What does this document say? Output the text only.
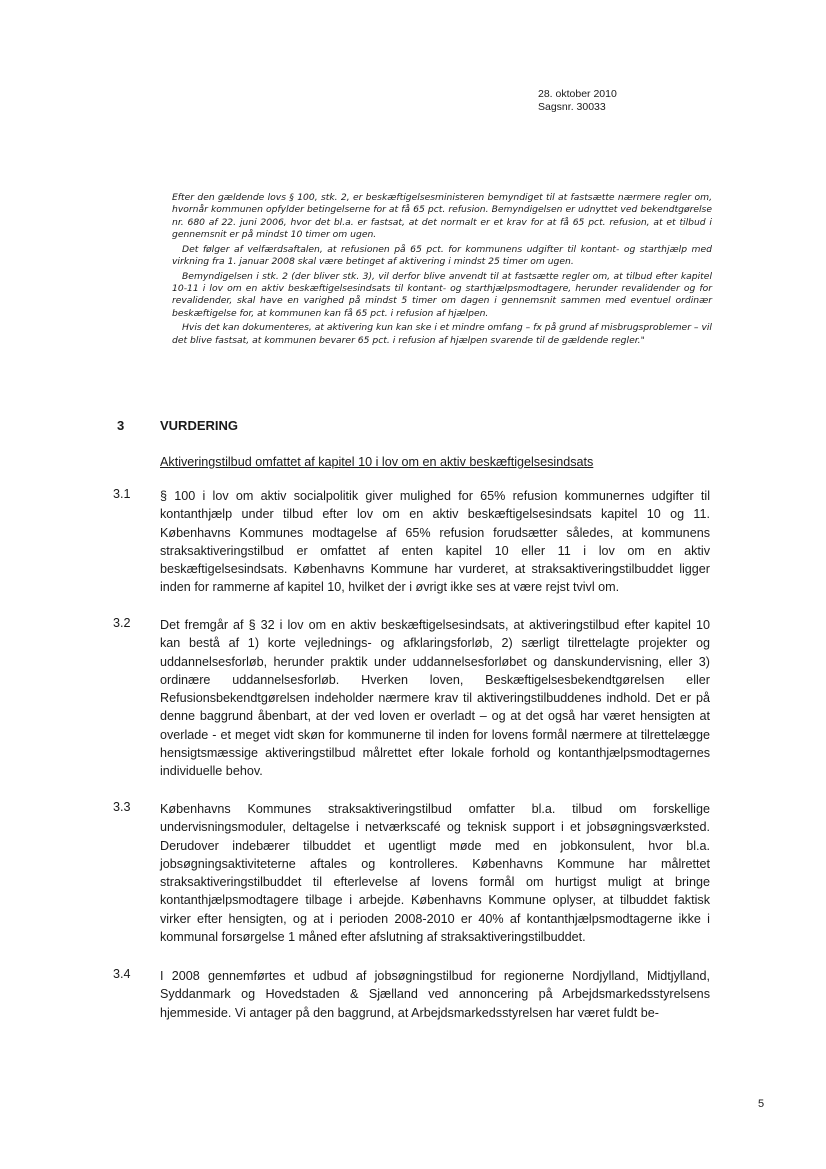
28. oktober 2010
Sagsnr. 30033

Efter den gældende lovs § 100, stk. 2, er beskæftigelsesministeren bemyndiget til at fastsætte nærmere regler om, hvornår kommunen opfylder betingelserne for at få 65 pct. refusion. Bemyndigelsen er udnyttet ved bekendtgørelse nr. 680 af 22. juni 2006, hvor det bl.a. er fastsat, at det normalt er et krav for at få 65 pct. refusion, at et tilbud i gennemsnit er på mindst 10 timer om ugen.

Det følger af velfærdsaftalen, at refusionen på 65 pct. for kommunens udgifter til kontant- og starthjælp med virkning fra 1. januar 2008 skal være betinget af aktivering i mindst 25 timer om ugen.

Bemyndigelsen i stk. 2 (der bliver stk. 3), vil derfor blive anvendt til at fastsætte regler om, at tilbud efter kapitel 10-11 i lov om en aktiv beskæftigelsesindsats til kontant- og starthjælpsmodtagere, herunder revalidender og for revalidender, skal have en varighed på mindst 5 timer om dagen i gennemsnit sammen med eventuel ordinær beskæftigelse for, at kommunen kan få 65 pct. i refusion af hjælpen.

Hvis det kan dokumenteres, at aktivering kun kan ske i et mindre omfang – fx på grund af misbrugsproblemer – vil det blive fastsat, at kommunen bevarer 65 pct. i refusion af hjælpen svarende til de gældende regler."

3	VURDERING
Aktiveringstilbud omfattet af kapitel 10 i lov om en aktiv beskæftigelsesindsats
3.1 § 100 i lov om aktiv socialpolitik giver mulighed for 65% refusion kommunernes udgifter til kontanthjælp under tilbud efter lov om en aktiv beskæftigelsesindsats kapitel 10 og 11. Københavns Kommunes modtagelse af 65% refusion forudsætter således, at kommunens straksaktiveringstilbud er omfattet af enten kapitel 10 eller 11 i lov om en aktiv beskæftigelsesindsats. Københavns Kommune har vurderet, at straksaktiveringstilbuddet ligger inden for rammerne af kapitel 10, hvilket der i øvrigt ikke ses at være rejst tvivl om.

3.2 Det fremgår af § 32 i lov om en aktiv beskæftigelsesindsats, at aktiveringstilbud efter kapitel 10 kan bestå af 1) korte vejlednings- og afklaringsforløb, 2) særligt tilrettelagte projekter og uddannelsesforløb, herunder praktik under uddannelsesforløbet og danskundervisning, eller 3) ordinære uddannelsesforløb. Hverken loven, Beskæftigelsesbekendtgørelsen eller Refusionsbekendtgørelsen indeholder nærmere krav til aktiveringstilbuddenes indhold. Det er på denne baggrund åbenbart, at der ved loven er overladt – og at det også har været hensigten at overlade - et meget vidt skøn for kommunerne til inden for lovens formål nærmere at tilrettelægge hensigtsmæssige aktiveringstilbud målrettet efter lokale forhold og kontanthjælpsmodtagernes individuelle behov.

3.3 Københavns Kommunes straksaktiveringstilbud omfatter bl.a. tilbud om forskellige undervisningsmoduler, deltagelse i netværkscafé og teknisk support i et jobsøgningsværksted. Derudover indebærer tilbuddet et ugentligt møde med en jobkonsulent, hvor bl.a. jobsøgningsaktiviteterne aftales og kontrolleres. Københavns Kommune har målrettet straksaktiveringstilbuddet til efterlevelse af lovens formål om hurtigst muligt at bringe kontanthjælpsmodtagere tilbage i arbejde. Københavns Kommune oplyser, at tilbuddet faktisk virker efter hensigten, og at i perioden 2008-2010 er 40% af kontanthjælpsmodtagerne ikke i kommunal forsørgelse 1 måned efter afslutning af straksaktiveringstilbuddet.

3.4 I 2008 gennemførtes et udbud af jobsøgningstilbud for regionerne Nordjylland, Midtjylland, Syddanmark og Hovedstaden & Sjælland ved annoncering på Arbejdsmarkedsstyrelsens hjemmeside. Vi antager på den baggrund, at Arbejdsmarkedsstyrelsen har været fuldt be-

5
